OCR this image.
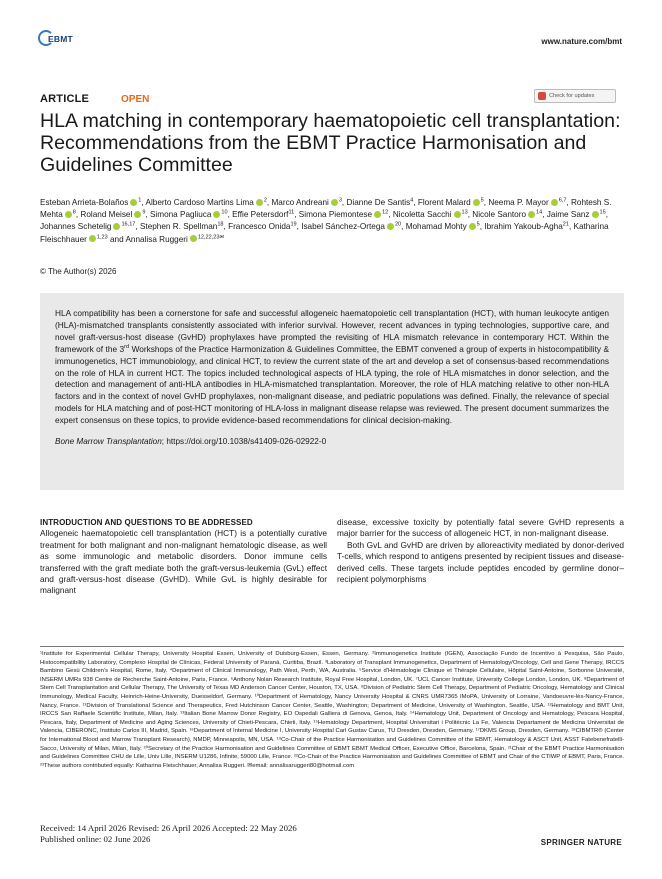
EBMT	www.nature.com/bmt
ARTICLE	OPEN	Check for updates
HLA matching in contemporary haematopoietic cell transplantation: Recommendations from the EBMT Practice Harmonisation and Guidelines Committee
Esteban Arrieta-Bolaños $^1$, Alberto Cardoso Martins Lima $^2$, Marco Andreani $^3$, Dianne De Santis$^4$, Florent Malard $^5$, Neema P. Mayor $^{6,7}$, Rohtesh S. Mehta $^8$, Roland Meisel $^9$, Simona Pagliuca $^{10}$, Effie Petersdorf$^{11}$, Simona Piemontese $^{12}$, Nicoletta Sacchi $^{13}$, Nicole Santoro $^{14}$, Jaime Sanz $^{15}$, Johannes Schetelig $^{16,17}$, Stephen R. Spellman$^{18}$, Francesco Onida$^{19}$, Isabel Sánchez-Ortega $^{20}$, Mohamad Mohty $^5$, Ibrahim Yakoub-Agha$^{21}$, Katharina Fleischhauer $^{1,23}$ and Annalisa Ruggeri $^{12,22,23✉}$
© The Author(s) 2026

HLA compatibility has been a cornerstone for safe and successful allogeneic haematopoietic cell transplantation (HCT), with human leukocyte antigen (HLA)-mismatched transplants consistently associated with inferior survival. However, recent advances in typing technologies, supportive care, and novel graft-versus-host disease (GvHD) prophylaxes have prompted the revisiting of HLA mismatch relevance in contemporary HCT. Within the framework of the 3rd Workshops of the Practice Harmonization & Guidelines Committee, the EBMT convened a group of experts in histocompatibility & immunogenetics, HCT immunobiology, and clinical HCT, to review the current state of the art and develop a set of consensus-based recommendations on the role of HLA in current HCT. The topics included technological aspects of HLA typing, the role of HLA mismatches in donor selection, and the detection and management of anti-HLA antibodies in HLA-mismatched transplantation. Moreover, the role of HLA matching relative to other non-HLA factors and in the context of novel GvHD prophylaxes, non-malignant disease, and pediatric populations was defined. Finally, the relevance of special models for HLA matching and of post-HCT monitoring of HLA-loss in malignant disease relapse was reviewed. The present document summarizes the expert consensus on these topics, to provide evidence-based recommendations for clinical decision-making.

Bone Marrow Transplantation; https://doi.org/10.1038/s41409-026-02922-0
INTRODUCTION AND QUESTIONS TO BE ADDRESSED

Allogeneic haematopoietic cell transplantation (HCT) is a potentially curative treatment for both malignant and non-malignant hematologic disease, as well as some immunologic and metabolic disorders. Donor immune cells transferred with the graft mediate both the graft-versus-leukemia (GvL) effect and graft-versus-host disease (GvHD). While GvL is highly desirable for malignant

disease, excessive toxicity by potentially fatal severe GvHD represents a major barrier for the success of allogeneic HCT, in non-malignant disease.

Both GvL and GvHD are driven by alloreactivity mediated by donor-derived T-cells, which respond to antigens presented by recipient tissues and disease-derived cells. These targets include peptides encoded by germline donor–recipient polymorphisms

¹Institute for Experimental Cellular Therapy, University Hospital Essen, University of Duisburg-Essen, Essen, Germany. ²Immunogenetics Institute (IGEN), Associação Fundo de Incentivo à Pesquisa, São Paulo, Histocompatibility Laboratory, Complexo Hospital de Clínicas, Federal University of Paraná, Curitiba, Brazil. ³Laboratory of Transplant Immunogenetics, Department of Hematology/Oncology, Cell and Gene Therapy, IRCCS Bambino Gesù Children's Hospital, Rome, Italy. ⁴Department of Clinical Immunology, Path West, Perth, WA, Australia. ⁵Service d'Hématologie Clinique et Thérapie Cellulaire, Hôpital Saint-Antoine, Sorbonne Université, INSERM UMRs 938 Centre de Recherche Saint-Antoine, Paris, France. ⁶Anthony Nolan Research Institute, Royal Free Hospital, London, UK. ⁷UCL Cancer Institute, University College London, London, UK. ⁸Department of Stem Cell Transplantation and Cellular Therapy, The University of Texas MD Anderson Cancer Center, Houston, TX, USA. ⁹Division of Pediatric Stem Cell Therapy, Department of Pediatric Oncology, Hematology and Clinical Immunology, Medical Faculty, Heinrich-Heine-University, Duesseldorf, Germany. ¹⁰Department of Hematology, Nancy University Hospital & CNRS UMR7365 IMoPA, University of Lorraine, Vandoeuvre-lès-Nancy-France, Nancy, France. ¹¹Division of Translational Science and Therapeutics, Fred Hutchinson Cancer Center, Seattle, Washington; Department of Medicine, University of Washington, Seattle, USA. ¹²Hematology and BMT Unit, IRCCS San Raffaele Scientific Institute, Milan, Italy. ¹³Italian Bone Marrow Donor Registry, EO Ospedali Galliera di Genova, Genoa, Italy. ¹⁴Hematology Unit, Department of Oncology and Hematology, Pescara Hospital, Pescara, Italy, Department of Medicine and Aging Sciences, University of Chieti-Pescara, Chieti, Italy. ¹⁵Hematology Department, Hospital Universitari i Politècnic La Fe, Valencia Departament de Medicina Universitat de Valencia, CIBERONC, Instituto Carlos III, Madrid, Spain. ¹⁶Department of Internal Medicine I, University Hospital Carl Gustav Carus, TU Dresden, Dresden, Germany. ¹⁷DKMS Group, Dresden, Germany. ¹⁸CIBMTR® (Center for International Blood and Marrow Transplant Research), NMDP, Minneapolis, MN, USA. ¹⁹Co-Chair of the Practice Harmonisation and Guidelines Committee of the EBMT, Hematology & ASCT Unit, ASST Fatebenefratelli-Sacco, University of Milan, Milan, Italy. ²⁰Secretary of the Practice Harmonisation and Guidelines Committee of EBMT EBMT Medical Officer, Executive Office, Barcelona, Spain. ²¹Chair of the EBMT Practice Harmonisation and Guidelines Committee CHU de Lille, Univ Lille, INSERM U1286, Infinite, 59000 Lille, France. ²²Co-Chair of the Practice Harmonisation and Guidelines Committee of EBMT and Chair of the CTIWP of EBMT, Paris, France. ²³These authors contributed equally: Katharina Fleischhauer, Annalisa Ruggeri. ✉email: annalisaruggeri80@hotmail.com
Received: 14 April 2026 Revised: 26 April 2026 Accepted: 22 May 2026
Published online: 02 June 2026	SPRINGER NATURE
